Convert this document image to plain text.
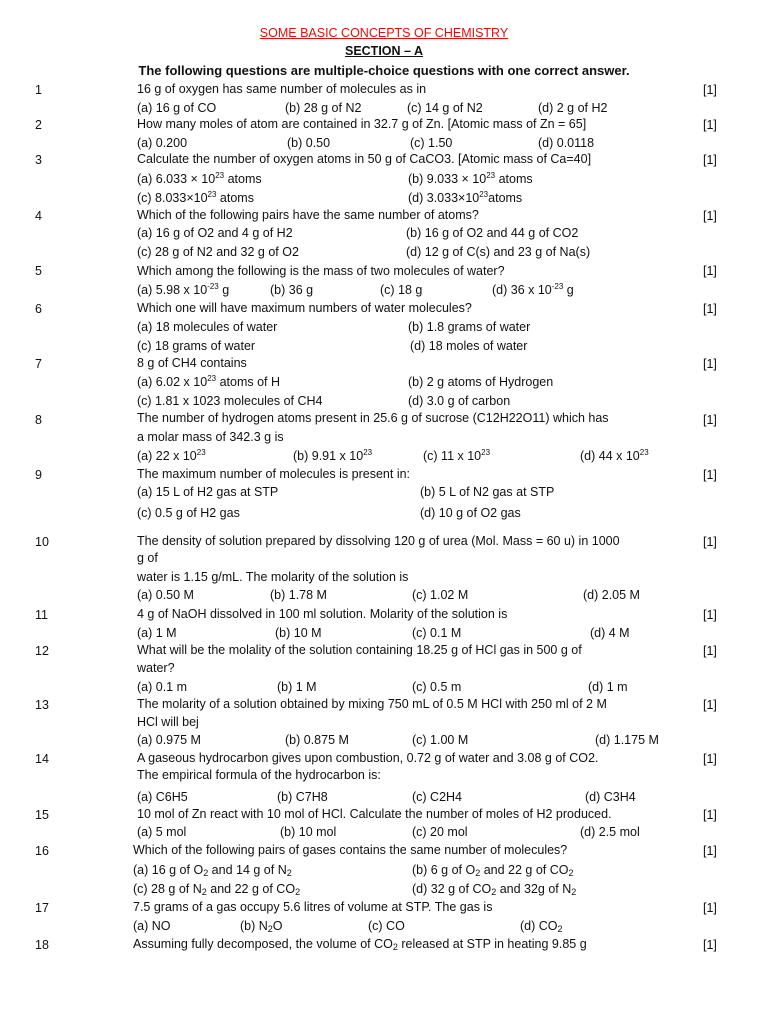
SOME BASIC CONCEPTS OF CHEMISTRY
SECTION – A
The following questions are multiple-choice questions with one correct answer.
1	[1]
16 g of oxygen has same number of molecules as in
(a) 16 g of CO	(b) 28 g of N2	(c) 14 g of N2	(d) 2 g of H2
2	[1]
How many moles of atom are contained in 32.7 g of Zn. [Atomic mass of Zn = 65]
(a) 0.200	(b) 0.50	(c) 1.50	(d) 0.0118
3	[1]
Calculate the number of oxygen atoms in 50 g of CaCO3. [Atomic mass of Ca=40]
(a) $6.033 \times 10^{23}$ atoms	(b) $9.033 \times 10^{23}$ atoms
(c) $8.033\times 10^{23}$ atoms	(d) $3.033\times 10^{23}atoms$
4	[1]
Which of the following pairs have the same number of atoms?
(a) 16 g of O2 and 4 g of H2	(b) 16 g of O2 and 44 g of CO2
(c) 28 g of N2 and 32 g of O2	(d) 12 g of C(s) and 23 g of Na(s)
5	[1]
Which among the following is the mass of two molecules of water?
(a) 5.98 x $10^{-23}$ g	(b) 36 g	(c) 18 g	(d) 36 x $10^{-23}$ g
6	[1]
Which one will have maximum numbers of water molecules?
(a) 18 molecules of water	(b) 1.8 grams of water
(c) 18 grams of water	(d) 18 moles of water
7	[1]
8 g of CH4 contains
(a) 6.02 x $10^{23}$ atoms of H	(b) 2 g atoms of Hydrogen
(c) 1.81 x 1023 molecules of CH4	(d) 3.0 g of carbon
8	[1]
The number of hydrogen atoms present in 25.6 g of sucrose (C12H22O11) which has
a molar mass of 342.3 g is
(a) 22 x $10^{23}$	(b) 9.91 x $10^{23}$	(c) 11 x $10^{23}$	(d) 44 x $10^{23}$
9	[1]
The maximum number of molecules is present in:
(a) 15 L of H2 gas at STP	(b) 5 L of N2 gas at STP
(c) 0.5 g of H2 gas	(d) 10 g of O2 gas
10	[1]
The density of solution prepared by dissolving 120 g of urea (Mol. Mass = 60 u) in 1000
g of
water is 1.15 g/mL. The molarity of the solution is
(a) 0.50 M	(b) 1.78 M	(c) 1.02 M	(d) 2.05 M
11	[1]
4 g of NaOH dissolved in 100 ml solution. Molarity of the solution is
(a) 1 M	(b) 10 M	(c) 0.1 M	(d) 4 M
12	[1]
What will be the molality of the solution containing 18.25 g of HCl gas in 500 g of
water?
(a) 0.1 m	(b) 1 M	(c) 0.5 m	(d) 1 m
13	[1]
The molarity of a solution obtained by mixing 750 mL of 0.5 M HCl with 250 ml of 2 M
HCl will bej
(a) 0.975 M	(b) 0.875 M	(c) 1.00 M	(d) 1.175 M
14	[1]
A gaseous hydrocarbon gives upon combustion, 0.72 g of water and 3.08 g of CO2.
The empirical formula of the hydrocarbon is:
(a) C6H5	(b) C7H8	(c) C2H4	(d) C3H4
15	[1]
10 mol of Zn react with 10 mol of HCl. Calculate the number of moles of H2 produced.
(a) 5 mol	(b) 10 mol	(c) 20 mol	(d) 2.5 mol
16	[1]
Which of the following pairs of gases contains the same number of molecules?
(a) 16 g of $O_2$ and 14 g of $N_2$	(b) 6 g of $O_2$ and 22 g of $CO_2$
(c) 28 g of $N_2$ and 22 g of $CO_2$	(d) 32 g of $CO_2$ and 32g of $N_2$
17	[1]
7.5 grams of a gas occupy 5.6 litres of volume at STP. The gas is
(a) NO	(b) $N_2O$	(c) CO	(d) $CO_2$
18	[1]
Assuming fully decomposed, the volume of $CO_2$ released at STP in heating 9.85 g
